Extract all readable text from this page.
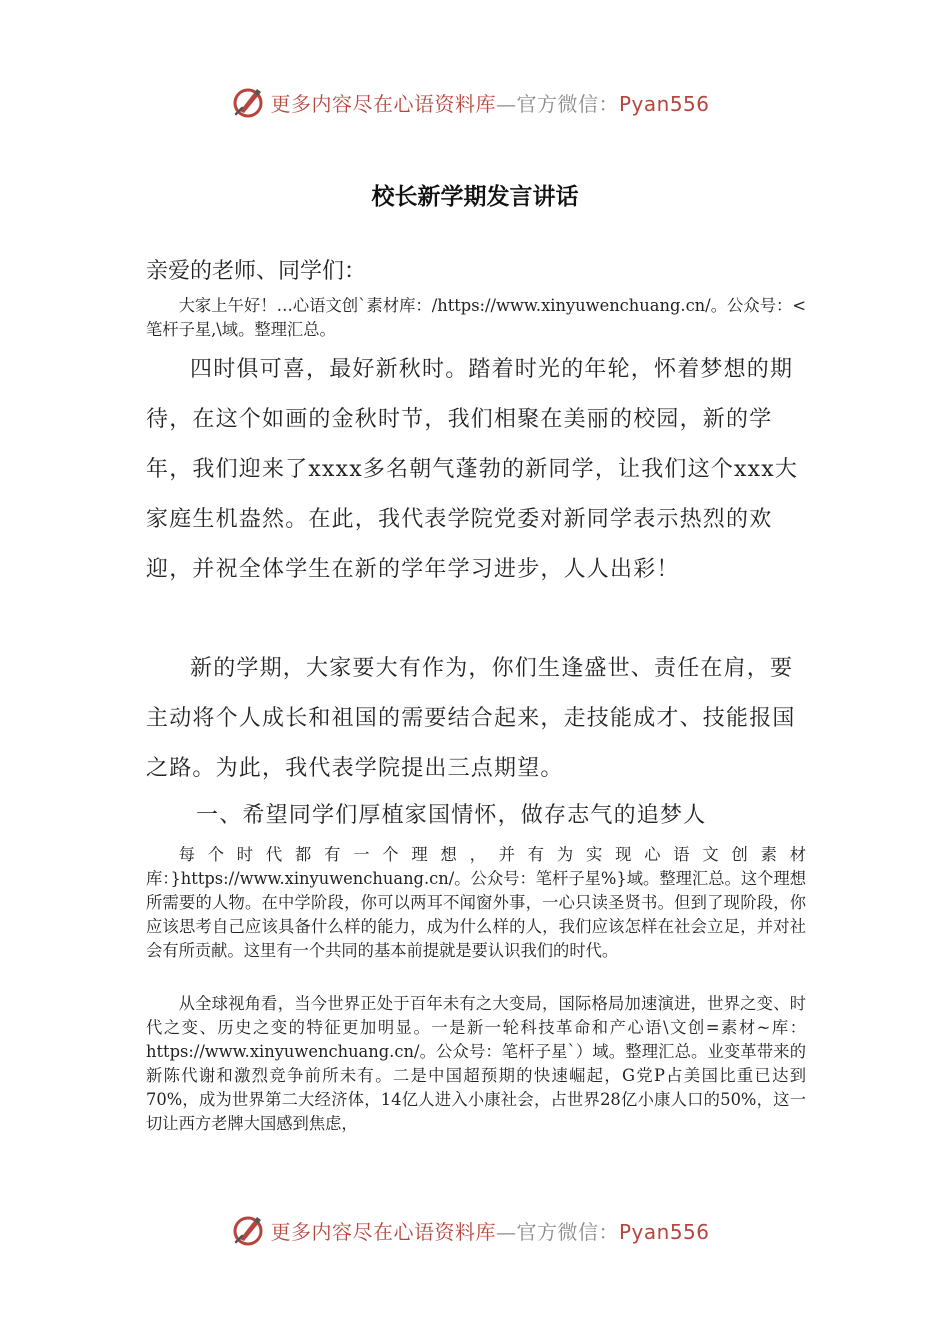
更多内容尽在心语资料库—官方微信：Pyan556
校长新学期发言讲话

亲爱的老师、同学们：

大家上午好！…心语文创`素材库：/https://www.xinyuwenchuang.cn/。公众号：<笔杆子星,\域。整理汇总。

四时俱可喜，最好新秋时。踏着时光的年轮，怀着梦想的期待，在这个如画的金秋时节，我们相聚在美丽的校园，新的学年，我们迎来了xxxx多名朝气蓬勃的新同学，让我们这个xxx大家庭生机盎然。在此，我代表学院党委对新同学表示热烈的欢迎，并祝全体学生在新的学年学习进步，人人出彩！

新的学期，大家要大有作为，你们生逢盛世、责任在肩，要主动将个人成长和祖国的需要结合起来，走技能成才、技能报国之路。为此，我代表学院提出三点期望。

一、希望同学们厚植家国情怀，做存志气的追梦人

每个时代都有一个理想，并有为实现心语文创素材库：}https://www.xinyuwenchuang.cn/。公众号：笔杆子星%}域。整理汇总。这个理想所需要的人物。在中学阶段，你可以两耳不闻窗外事，一心只读圣贤书。但到了现阶段，你应该思考自己应该具备什么样的能力，成为什么样的人，我们应该怎样在社会立足，并对社会有所贡献。这里有一个共同的基本前提就是要认识我们的时代。

从全球视角看，当今世界正处于百年未有之大变局，国际格局加速演进，世界之变、时代之变、历史之变的特征更加明显。一是新一轮科技革命和产心语\文创=素材~库：https://www.xinyuwenchuang.cn/。公众号：笔杆子星`）域。整理汇总。业变革带来的新陈代谢和激烈竞争前所未有。二是中国超预期的快速崛起，G党P占美国比重已达到70%，成为世界第二大经济体，14亿人进入小康社会，占世界28亿小康人口的50%，这一切让西方老牌大国感到焦虑，

更多内容尽在心语资料库—官方微信：Pyan556
